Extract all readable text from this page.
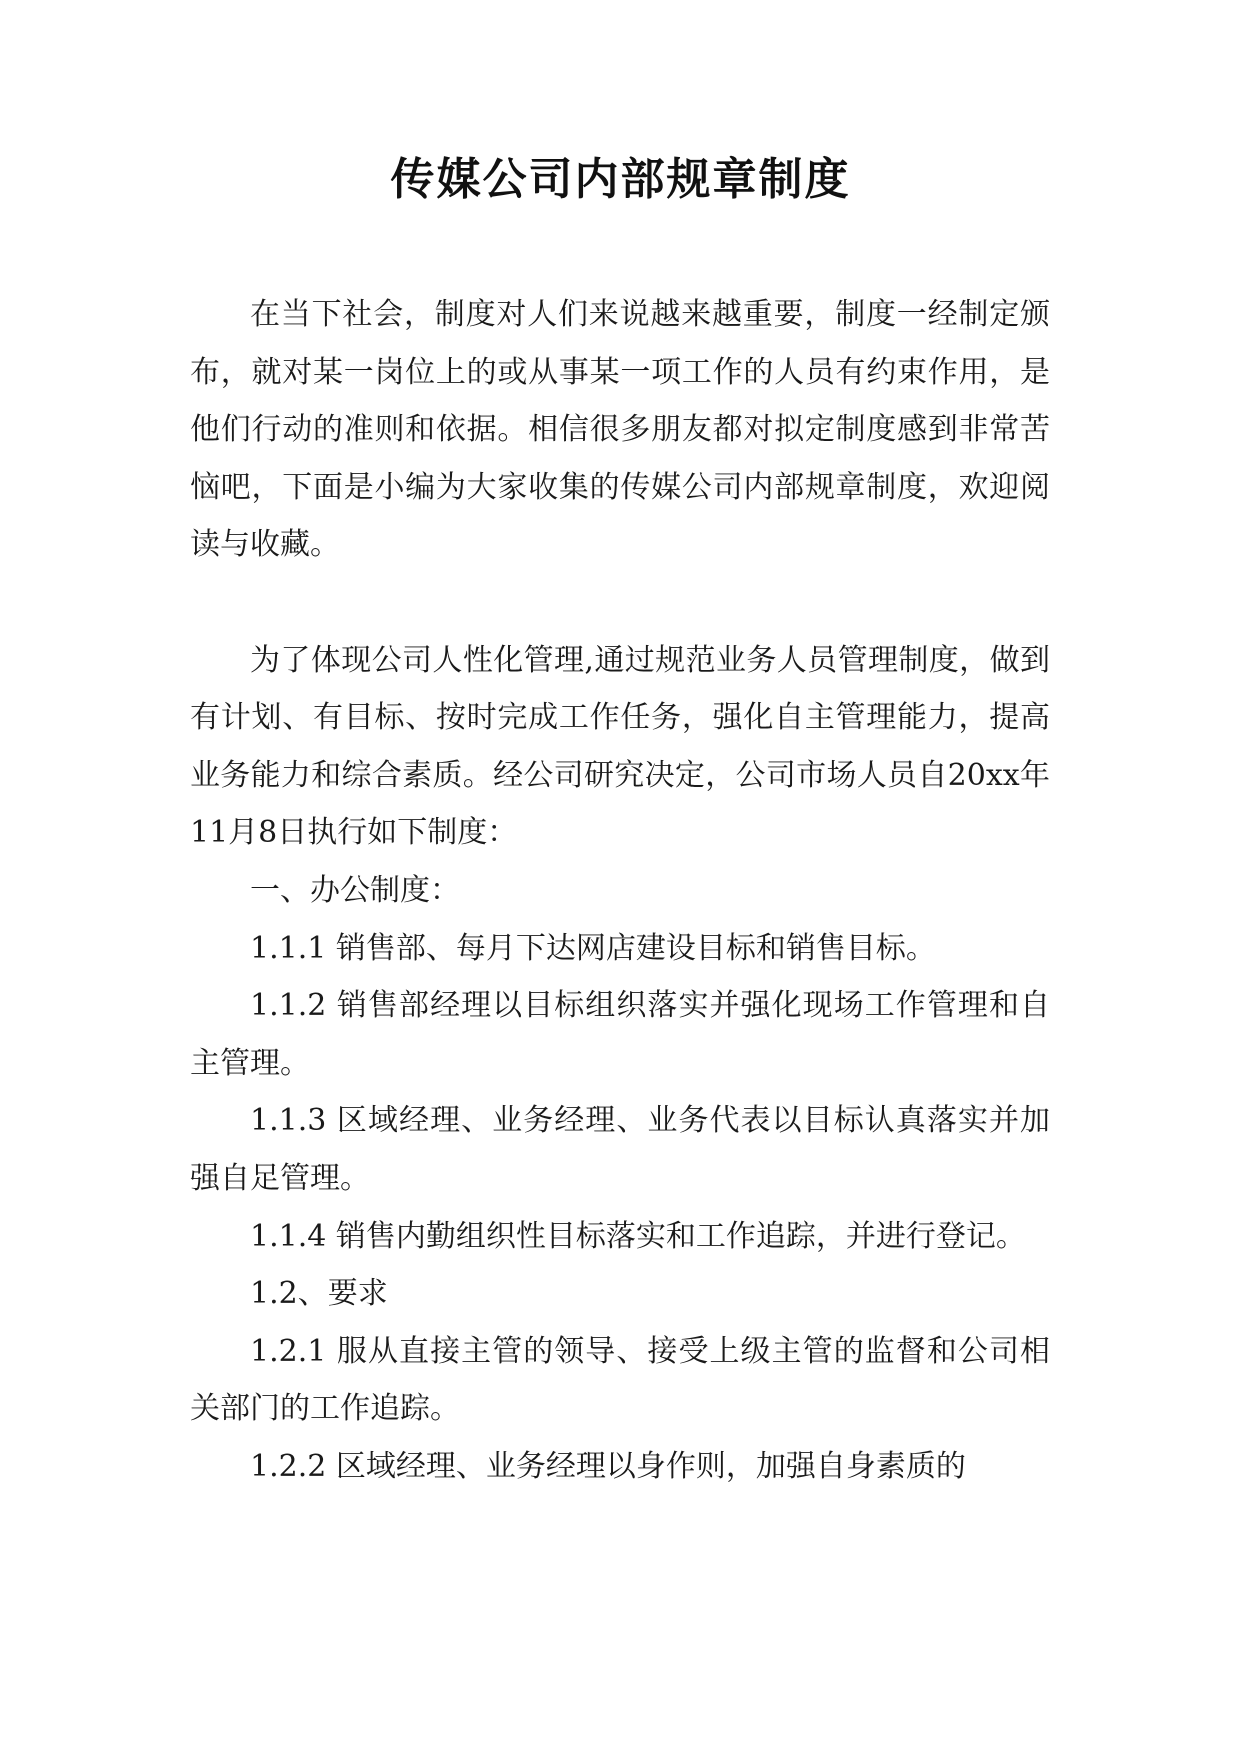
传媒公司内部规章制度

在当下社会，制度对人们来说越来越重要，制度一经制定颁布，就对某一岗位上的或从事某一项工作的人员有约束作用，是他们行动的准则和依据。相信很多朋友都对拟定制度感到非常苦恼吧，下面是小编为大家收集的传媒公司内部规章制度，欢迎阅读与收藏。

为了体现公司人性化管理,通过规范业务人员管理制度，做到有计划、有目标、按时完成工作任务，强化自主管理能力，提高业务能力和综合素质。经公司研究决定，公司市场人员自20xx年11月8日执行如下制度：

一、办公制度：

1.1.1 销售部、每月下达网店建设目标和销售目标。

1.1.2 销售部经理以目标组织落实并强化现场工作管理和自主管理。

1.1.3 区域经理、业务经理、业务代表以目标认真落实并加强自足管理。

1.1.4 销售内勤组织性目标落实和工作追踪，并进行登记。

1.2、要求

1.2.1 服从直接主管的领导、接受上级主管的监督和公司相关部门的工作追踪。

1.2.2 区域经理、业务经理以身作则，加强自身素质的
